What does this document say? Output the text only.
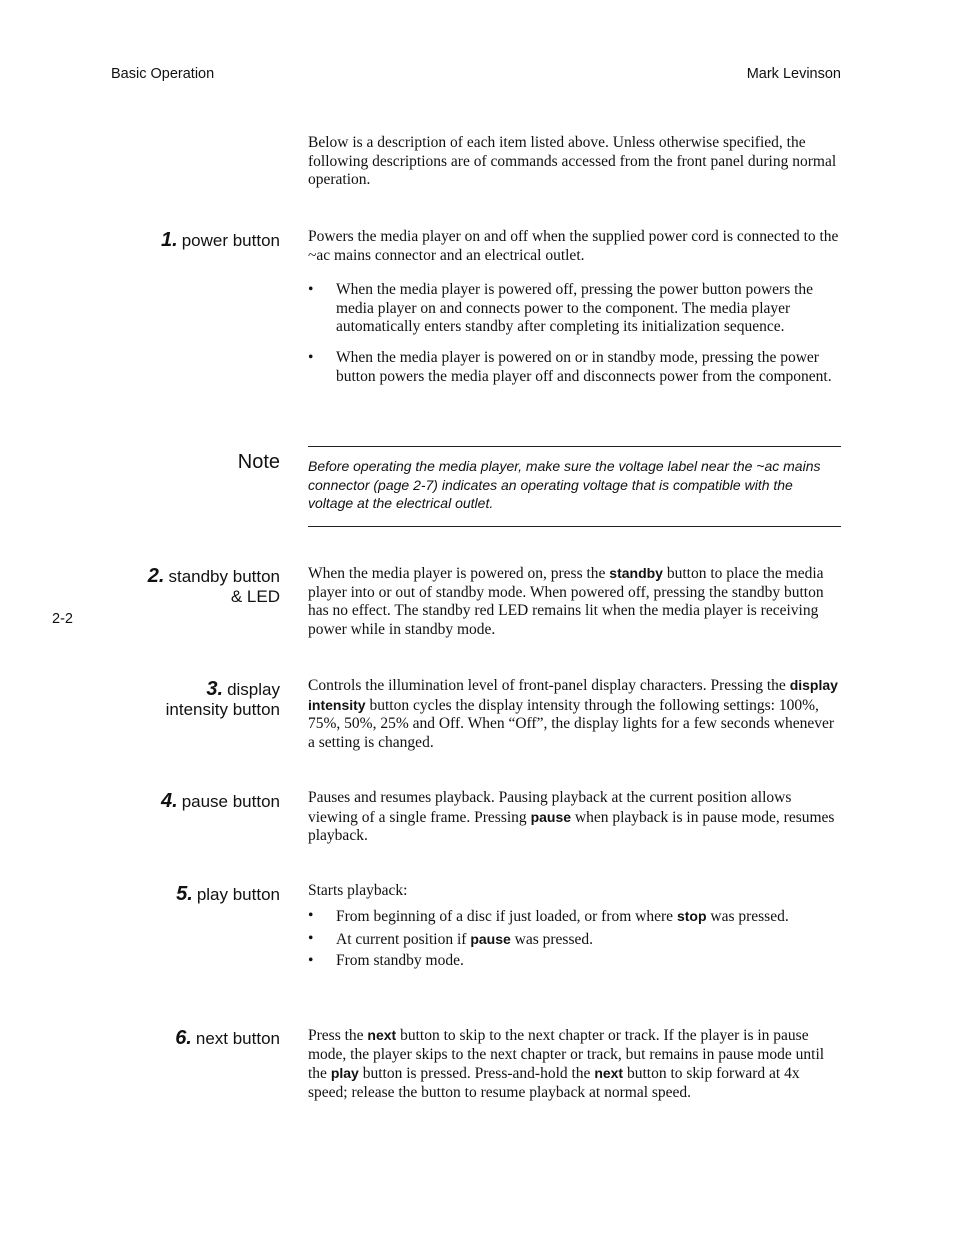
Basic Operation	Mark Levinson
2-2

Below is a description of each item listed above. Unless otherwise specified, the following descriptions are of commands accessed from the front panel during normal operation.

1. power button Powers the media player on and off when the supplied power cord is connected to the ~ac mains connector and an electrical outlet.

• When the media player is powered off, pressing the power button powers the media player on and connects power to the component. The media player automatically enters standby after completing its initialization sequence.
• When the media player is powered on or in standby mode, pressing the power button powers the media player off and disconnects power from the component.
Note Before operating the media player, make sure the voltage label near the ~ac mains connector (page 2-7) indicates an operating voltage that is compatible with the voltage at the electrical outlet.

2. standby button
& LED

When the media player is powered on, press the standby button to place the media player into or out of standby mode. When powered off, pressing the standby button has no effect. The standby red LED remains lit when the media player is receiving power while in standby mode.

3. display
intensity button

Controls the illumination level of front-panel display characters. Pressing the display intensity button cycles the display intensity through the following settings: 100%, 75%, 50%, 25% and Off. When “Off”, the display lights for a few seconds whenever a setting is changed.

4. pause button Pauses and resumes playback. Pausing playback at the current position allows viewing of a single frame. Pressing pause when playback is in pause mode, resumes playback.

5. play button Starts playback:

• From beginning of a disc if just loaded, or from where stop was pressed.
• At current position if pause was pressed.
• From standby mode.
6. next button Press the next button to skip to the next chapter or track. If the player is in pause mode, the player skips to the next chapter or track, but remains in pause mode until the play button is pressed. Press-and-hold the next button to skip forward at 4x speed; release the button to resume playback at normal speed.
